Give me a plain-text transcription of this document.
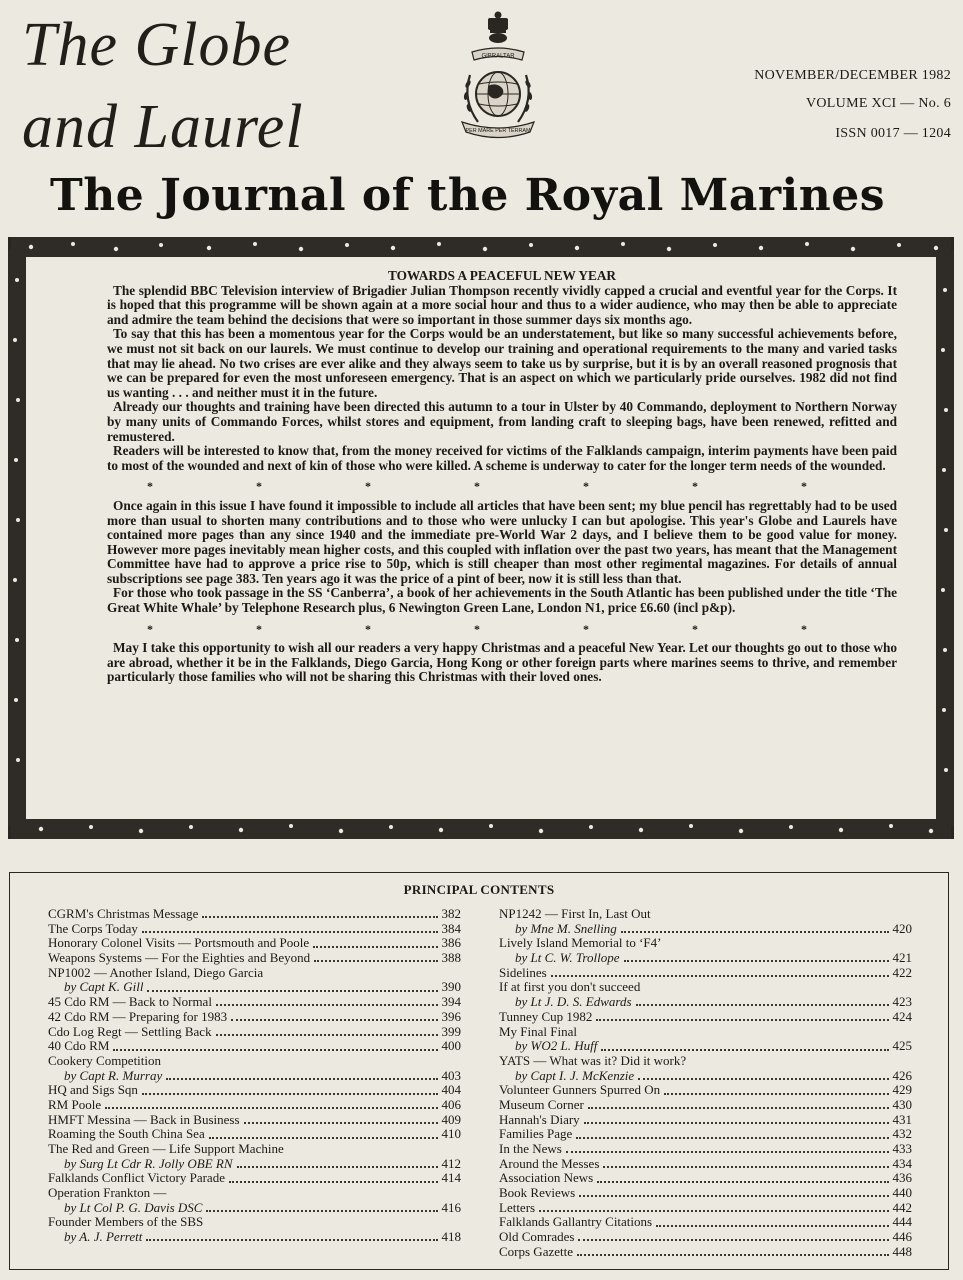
The Globe
and Laurel
GIBRALTAR
PER MARE PER TERRAM
NOVEMBER/DECEMBER 1982
VOLUME XCI — No. 6
ISSN 0017 — 1204
The Journal of the Royal Marines
TOWARDS A PEACEFUL NEW YEAR

The splendid BBC Television interview of Brigadier Julian Thompson recently vividly capped a crucial and eventful year for the Corps. It is hoped that this programme will be shown again at a more social hour and thus to a wider audience, who may then be able to appreciate and admire the team behind the decisions that were so important in those summer days six months ago.

To say that this has been a momentous year for the Corps would be an understatement, but like so many successful achievements before, we must not sit back on our laurels. We must continue to develop our training and operational requirements to the many and varied tasks that may lie ahead. No two crises are ever alike and they always seem to take us by surprise, but it is by an overall reasoned prognosis that we can be prepared for even the most unforeseen emergency. That is an aspect on which we particularly pride ourselves. 1982 did not find us wanting . . . and neither must it in the future.

Already our thoughts and training have been directed this autumn to a tour in Ulster by 40 Commando, deployment to Northern Norway by many units of Commando Forces, whilst stores and equipment, from landing craft to sleeping bags, have been renewed, refitted and remustered.

Readers will be interested to know that, from the money received for victims of the Falklands campaign, interim payments have been paid to most of the wounded and next of kin of those who were killed. A scheme is underway to cater for the longer term needs of the wounded.

* * * * * * *

Once again in this issue I have found it impossible to include all articles that have been sent; my blue pencil has regrettably had to be used more than usual to shorten many contributions and to those who were unlucky I can but apologise. This year's Globe and Laurels have contained more pages than any since 1940 and the immediate pre-World War 2 days, and I believe them to be good value for money. However more pages inevitably mean higher costs, and this coupled with inflation over the past two years, has meant that the Management Committee have had to approve a price rise to 50p, which is still cheaper than most other regimental magazines. For details of annual subscriptions see page 383. Ten years ago it was the price of a pint of beer, now it is still less than that.

For those who took passage in the SS ‘Canberra’, a book of her achievements in the South Atlantic has been published under the title ‘The Great White Whale’ by Telephone Research plus, 6 Newington Green Lane, London N1, price £6.60 (incl p&p).

* * * * * * *

May I take this opportunity to wish all our readers a very happy Christmas and a peaceful New Year. Let our thoughts go out to those who are abroad, whether it be in the Falklands, Diego Garcia, Hong Kong or other foreign parts where marines seems to thrive, and remember particularly those families who will not be sharing this Christmas with their loved ones.

PRINCIPAL CONTENTS
CGRM's Christmas Message	382
The Corps Today	384
Honorary Colonel Visits — Portsmouth and Poole	386
Weapons Systems — For the Eighties and Beyond	388
NP1002 — Another Island, Diego Garcia
by Capt K. Gill	390
45 Cdo RM — Back to Normal	394
42 Cdo RM — Preparing for 1983	396
Cdo Log Regt — Settling Back	399
40 Cdo RM	400
Cookery Competition
by Capt R. Murray	403
HQ and Sigs Sqn	404
RM Poole	406
HMFT Messina — Back in Business	409
Roaming the South China Sea	410
The Red and Green — Life Support Machine
by Surg Lt Cdr R. Jolly OBE RN	412
Falklands Conflict Victory Parade	414
Operation Frankton —
by Lt Col P. G. Davis DSC	416
Founder Members of the SBS
by A. J. Perrett	418
NP1242 — First In, Last Out
by Mne M. Snelling	420
Lively Island Memorial to ‘F4’
by Lt C. W. Trollope	421
Sidelines	422
If at first you don't succeed
by Lt J. D. S. Edwards	423
Tunney Cup 1982	424
My Final Final
by WO2 L. Huff	425
YATS — What was it? Did it work?
by Capt I. J. McKenzie	426
Volunteer Gunners Spurred On	429
Museum Corner	430
Hannah's Diary	431
Families Page	432
In the News	433
Around the Messes	434
Association News	436
Book Reviews	440
Letters	442
Falklands Gallantry Citations	444
Old Comrades	446
Corps Gazette	448
